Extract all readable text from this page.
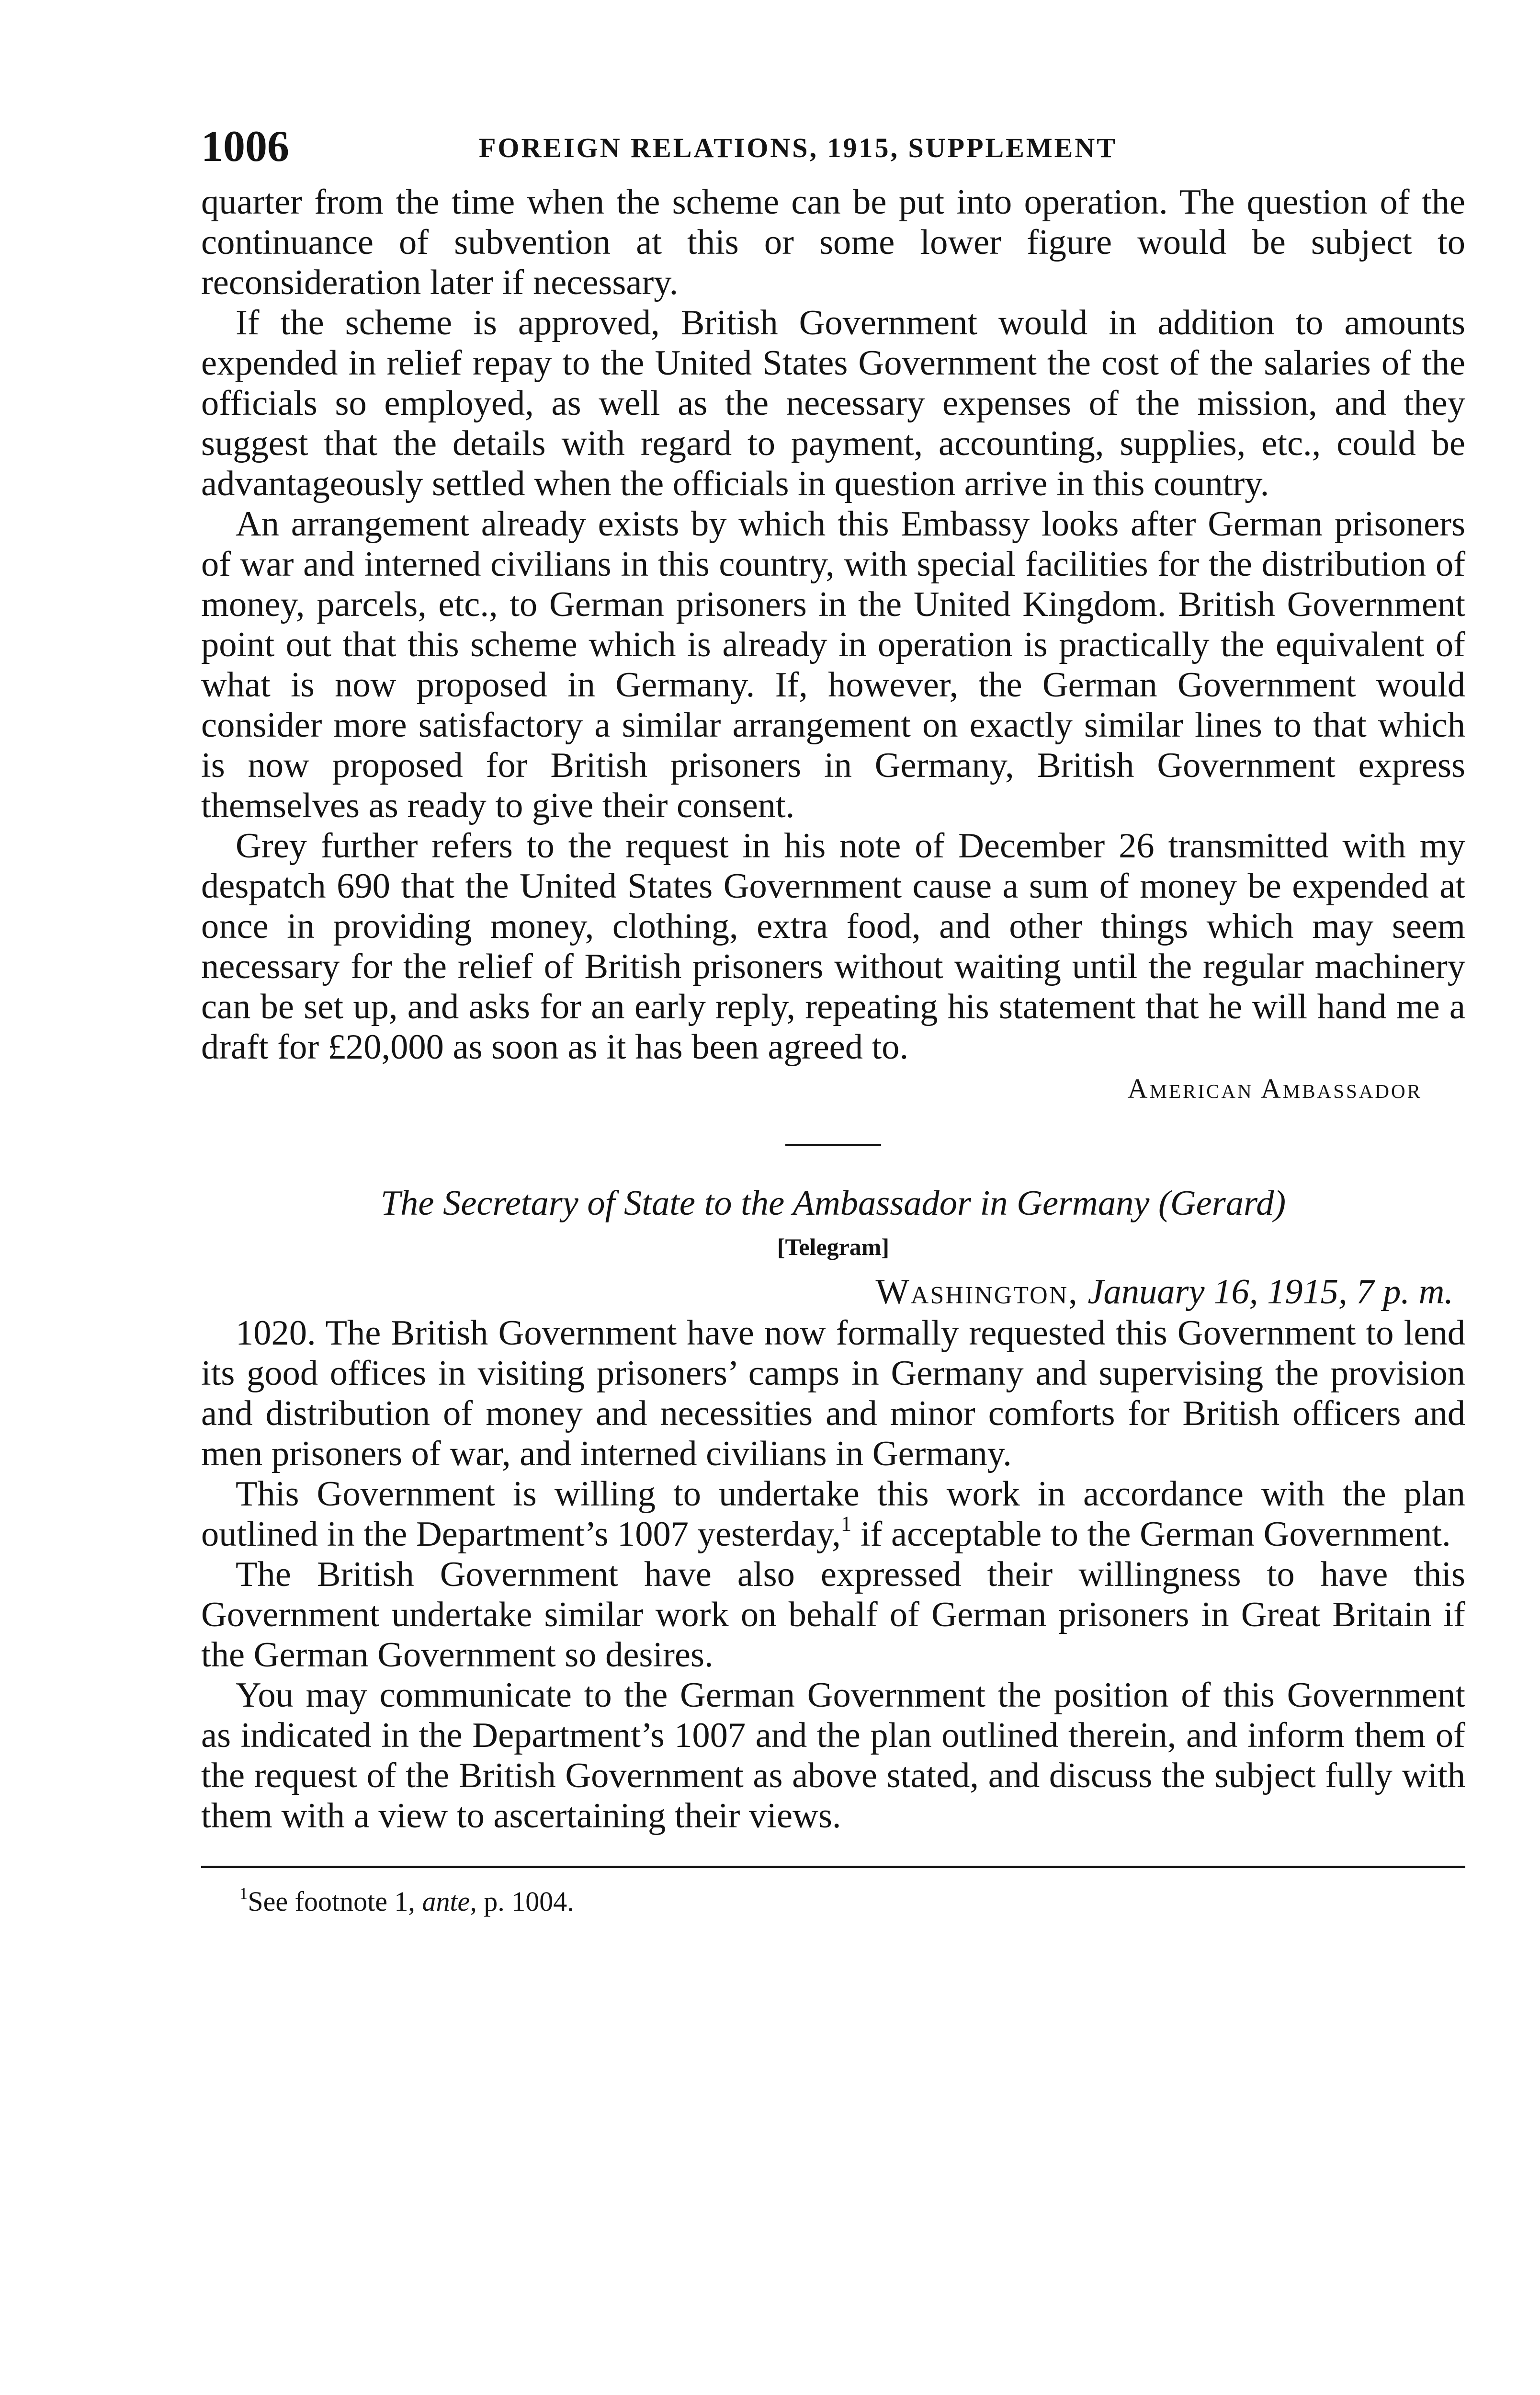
1006	FOREIGN RELATIONS, 1915, SUPPLEMENT

quarter from the time when the scheme can be put into operation. The question of the continuance of subvention at this or some lower figure would be subject to reconsideration later if necessary.

If the scheme is approved, British Government would in addition to amounts expended in relief repay to the United States Government the cost of the salaries of the officials so employed, as well as the necessary expenses of the mission, and they suggest that the details with regard to payment, accounting, supplies, etc., could be advantageously settled when the officials in question arrive in this country.

An arrangement already exists by which this Embassy looks after German prisoners of war and interned civilians in this country, with special facilities for the distribution of money, parcels, etc., to German prisoners in the United Kingdom. British Government point out that this scheme which is already in operation is practically the equivalent of what is now proposed in Germany. If, however, the German Government would consider more satisfactory a similar arrangement on exactly similar lines to that which is now proposed for British prisoners in Germany, British Government express themselves as ready to give their consent.

Grey further refers to the request in his note of December 26 transmitted with my despatch 690 that the United States Government cause a sum of money be expended at once in providing money, clothing, extra food, and other things which may seem necessary for the relief of British prisoners without waiting until the regular machinery can be set up, and asks for an early reply, repeating his statement that he will hand me a draft for £20,000 as soon as it has been agreed to.

American Ambassador

The Secretary of State to the Ambassador in Germany (Gerard)

[Telegram]

Washington, January 16, 1915, 7 p. m.

1020. The British Government have now formally requested this Government to lend its good offices in visiting prisoners’ camps in Germany and supervising the provision and distribution of money and necessities and minor comforts for British officers and men prisoners of war, and interned civilians in Germany.

This Government is willing to undertake this work in accordance with the plan outlined in the Department’s 1007 yesterday,$^1$ if acceptable to the German Government.

The British Government have also expressed their willingness to have this Government undertake similar work on behalf of German prisoners in Great Britain if the German Government so desires.

You may communicate to the German Government the position of this Government as indicated in the Department’s 1007 and the plan outlined therein, and inform them of the request of the British Government as above stated, and discuss the subject fully with them with a view to ascertaining their views.

$^1$See footnote 1, ante, p. 1004.
